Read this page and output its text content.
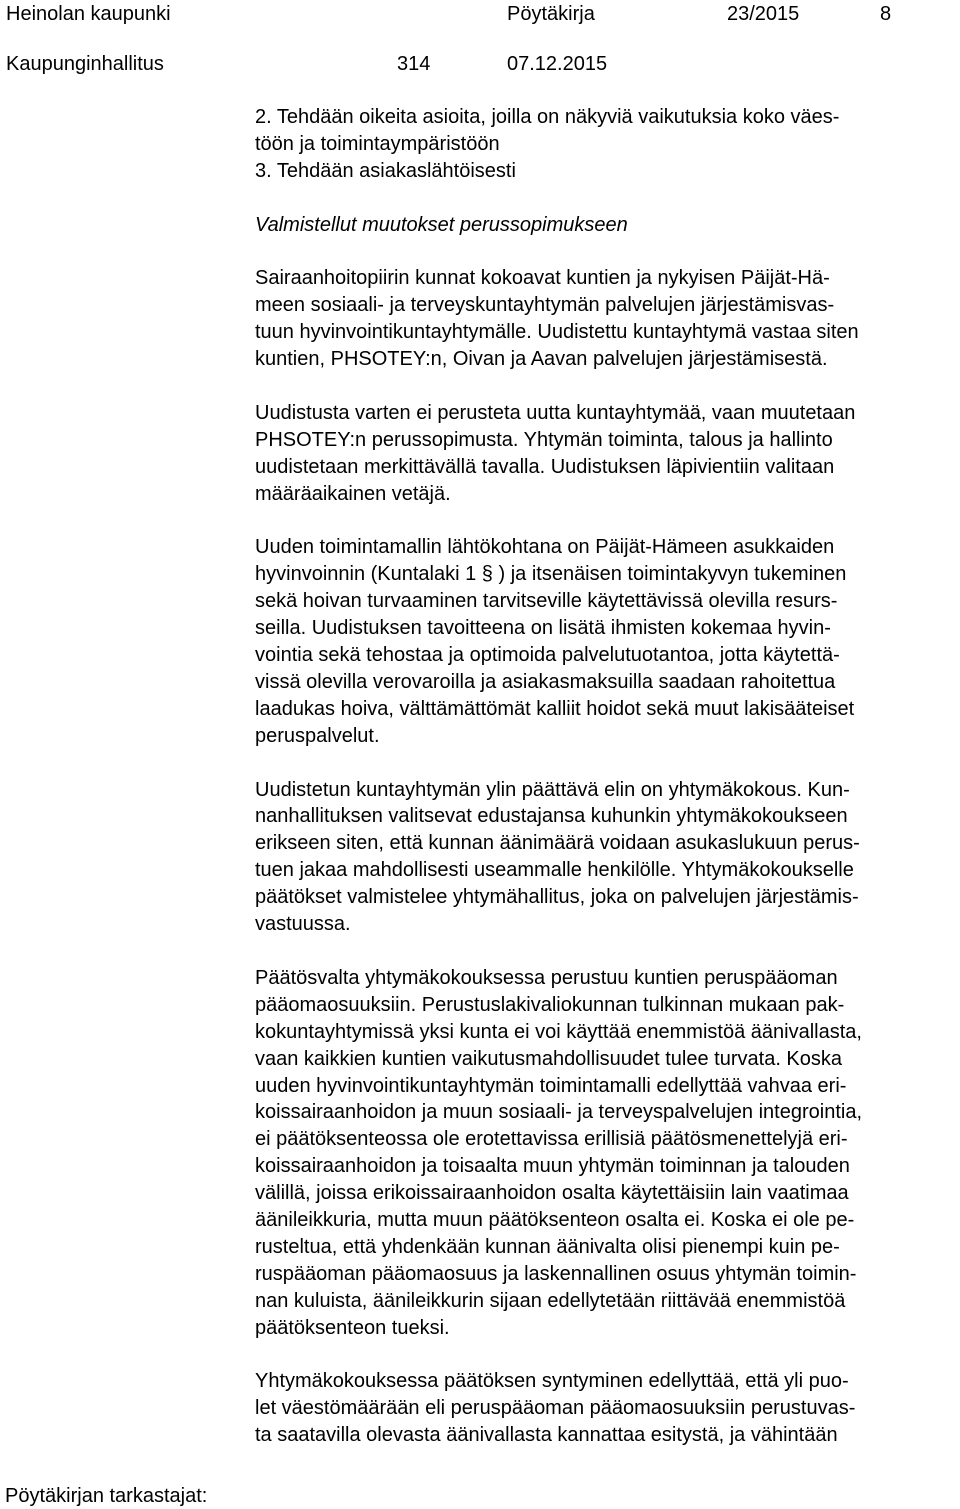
Heinolan kaupunki	Pöytäkirja	23/2015	8
Kaupunginhallitus	314	07.12.2015
2. Tehdään oikeita asioita, joilla on näkyviä vaikutuksia koko väes-
töön ja toimintaympäristöön
3. Tehdään asiakaslähtöisesti
Valmistellut muutokset perussopimukseen
Sairaanhoitopiirin kunnat kokoavat kuntien ja nykyisen Päijät-Hä-
meen sosiaali- ja terveyskuntayhtymän palvelujen järjestämisvas-
tuun hyvinvointikuntayhtymälle. Uudistettu kuntayhtymä vastaa siten
kuntien, PHSOTEY:n, Oivan ja Aavan palvelujen järjestämisestä.
Uudistusta varten ei perusteta uutta kuntayhtymää, vaan muutetaan
PHSOTEY:n perussopimusta. Yhtymän toiminta, talous ja hallinto
uudistetaan merkittävällä tavalla. Uudistuksen läpivientiin valitaan
määräaikainen vetäjä.
Uuden toimintamallin lähtökohtana on Päijät-Hämeen asukkaiden
hyvinvoinnin (Kuntalaki 1 § ) ja itsenäisen toimintakyvyn tukeminen
sekä hoivan turvaaminen tarvitseville käytettävissä olevilla resurs-
seilla. Uudistuksen tavoitteena on lisätä ihmisten kokemaa hyvin-
vointia sekä tehostaa ja optimoida palvelutuotantoa, jotta käytettä-
vissä olevilla verovaroilla ja asiakasmaksuilla saadaan rahoitettua
laadukas hoiva, välttämättömät kalliit hoidot sekä muut lakisääteiset
peruspalvelut.
Uudistetun kuntayhtymän ylin päättävä elin on yhtymäkokous. Kun-
nanhallituksen valitsevat edustajansa kuhunkin yhtymäkokoukseen
erikseen siten, että kunnan äänimäärä voidaan asukaslukuun perus-
tuen jakaa mahdollisesti useammalle henkilölle. Yhtymäkokoukselle
päätökset valmistelee yhtymähallitus, joka on palvelujen järjestämis-
vastuussa.
Päätösvalta yhtymäkokouksessa perustuu kuntien peruspääoman
pääomaosuuksiin. Perustuslakivaliokunnan tulkinnan mukaan pak-
kokuntayhtymissä yksi kunta ei voi käyttää enemmistöä äänivallasta,
vaan kaikkien kuntien vaikutusmahdollisuudet tulee turvata. Koska
uuden hyvinvointikuntayhtymän toimintamalli edellyttää vahvaa eri-
koissairaanhoidon ja muun sosiaali- ja terveyspalvelujen integrointia,
ei päätöksenteossa ole erotettavissa erillisiä päätösmenettelyjä eri-
koissairaanhoidon ja toisaalta muun yhtymän toiminnan ja talouden
välillä, joissa erikoissairaanhoidon osalta käytettäisiin lain vaatimaa
äänileikkuria, mutta muun päätöksenteon osalta ei. Koska ei ole pe-
rusteltua, että yhdenkään kunnan äänivalta olisi pienempi kuin pe-
ruspääoman pääomaosuus ja laskennallinen osuus yhtymän toimin-
nan kuluista, äänileikkurin sijaan edellytetään riittävää enemmistöä
päätöksenteon tueksi.
Yhtymäkokouksessa päätöksen syntyminen edellyttää, että yli puo-
let väestömäärään eli peruspääoman pääomaosuuksiin perustuvas-
ta saatavilla olevasta äänivallasta kannattaa esitystä, ja vähintään
Pöytäkirjan tarkastajat:
